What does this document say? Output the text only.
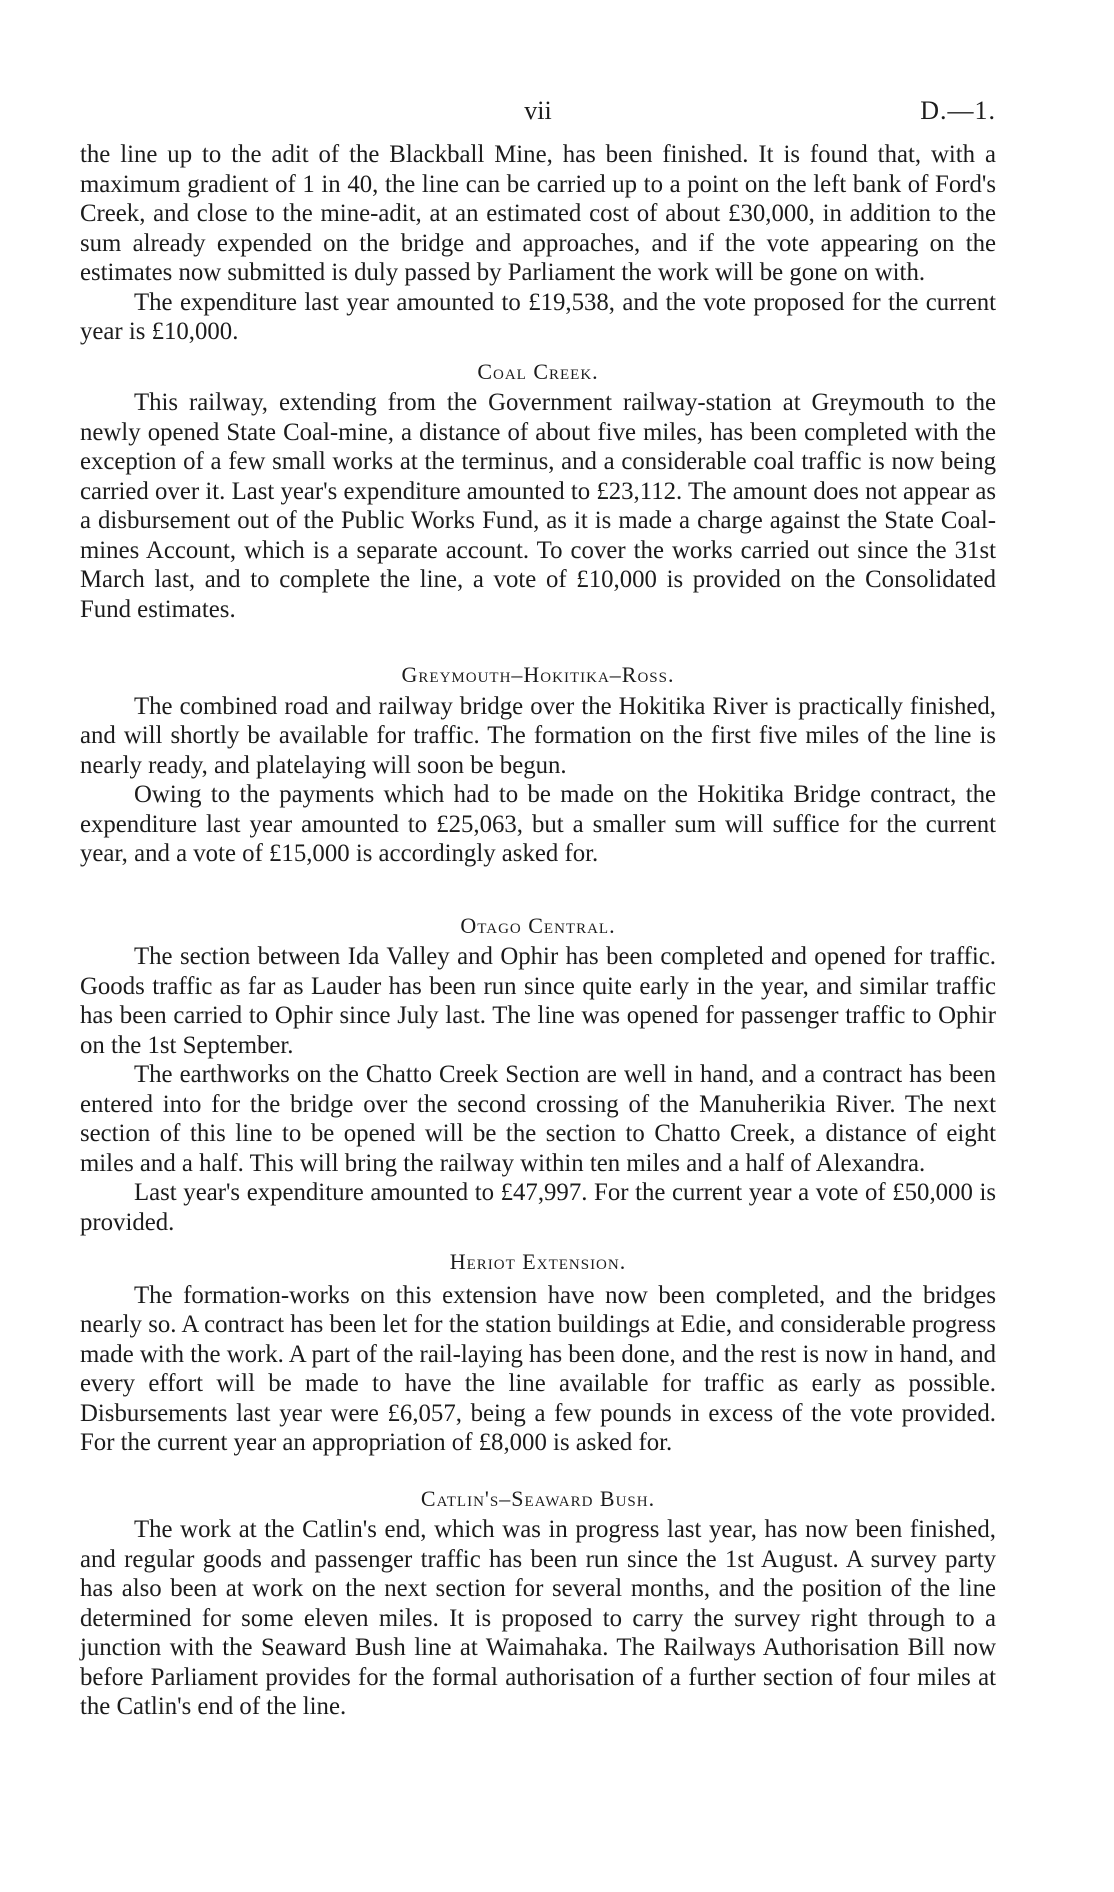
vii	D.—1.

the line up to the adit of the Blackball Mine, has been finished. It is found that, with a maximum gradient of 1 in 40, the line can be carried up to a point on the left bank of Ford's Creek, and close to the mine-adit, at an estimated cost of about £30,000, in addition to the sum already expended on the bridge and approaches, and if the vote appearing on the estimates now submitted is duly passed by Parliament the work will be gone on with.

The expenditure last year amounted to £19,538, and the vote proposed for the current year is £10,000.

Coal Creek.

This railway, extending from the Government railway-station at Greymouth to the newly opened State Coal-mine, a distance of about five miles, has been completed with the exception of a few small works at the terminus, and a considerable coal traffic is now being carried over it. Last year's expenditure amounted to £23,112. The amount does not appear as a disbursement out of the Public Works Fund, as it is made a charge against the State Coal-mines Account, which is a separate account. To cover the works carried out since the 31st March last, and to complete the line, a vote of £10,000 is provided on the Consolidated Fund estimates.

Greymouth–Hokitika–Ross.

The combined road and railway bridge over the Hokitika River is practically finished, and will shortly be available for traffic. The formation on the first five miles of the line is nearly ready, and platelaying will soon be begun.

Owing to the payments which had to be made on the Hokitika Bridge contract, the expenditure last year amounted to £25,063, but a smaller sum will suffice for the current year, and a vote of £15,000 is accordingly asked for.

Otago Central.

The section between Ida Valley and Ophir has been completed and opened for traffic. Goods traffic as far as Lauder has been run since quite early in the year, and similar traffic has been carried to Ophir since July last. The line was opened for passenger traffic to Ophir on the 1st September.

The earthworks on the Chatto Creek Section are well in hand, and a contract has been entered into for the bridge over the second crossing of the Manuherikia River. The next section of this line to be opened will be the section to Chatto Creek, a distance of eight miles and a half. This will bring the railway within ten miles and a half of Alexandra.

Last year's expenditure amounted to £47,997. For the current year a vote of £50,000 is provided.

Heriot Extension.

The formation-works on this extension have now been completed, and the bridges nearly so. A contract has been let for the station buildings at Edie, and considerable progress made with the work. A part of the rail-laying has been done, and the rest is now in hand, and every effort will be made to have the line available for traffic as early as possible. Disbursements last year were £6,057, being a few pounds in excess of the vote provided. For the current year an appropriation of £8,000 is asked for.

Catlin's–Seaward Bush.

The work at the Catlin's end, which was in progress last year, has now been finished, and regular goods and passenger traffic has been run since the 1st August. A survey party has also been at work on the next section for several months, and the position of the line determined for some eleven miles. It is proposed to carry the survey right through to a junction with the Seaward Bush line at Waimahaka. The Railways Authorisation Bill now before Parliament provides for the formal authorisation of a further section of four miles at the Catlin's end of the line.
